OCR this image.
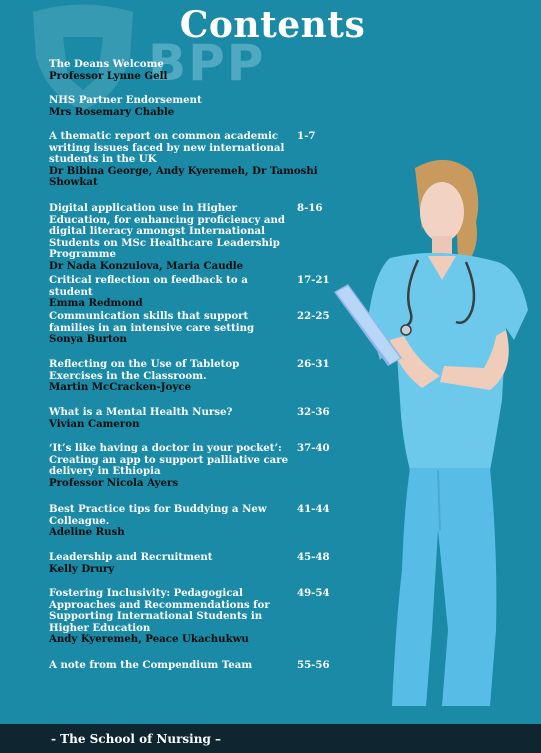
BPP
Contents
The Deans Welcome
Professor Lynne Gell
NHS Partner Endorsement
Mrs Rosemary Chable
A thematic report on common academic writing issues faced by new international students in the UK
Dr Bibina George, Andy Kyeremeh, Dr Tamoshi Showkat
1-7
Digital application use in Higher Education, for enhancing proficiency and digital literacy amongst International Students on MSc Healthcare Leadership Programme
Dr Nada Konzulova, Maria Caudle
8-16
Critical reflection on feedback to a student
Emma Redmond
17-21
Communication skills that support families in an intensive care setting
Sonya Burton
22-25
Reflecting on the Use of Tabletop Exercises in the Classroom.
Martin McCracken-Joyce
26-31
What is a Mental Health Nurse?
Vivian Cameron
32-36
‘It’s like having a doctor in your pocket’: Creating an app to support palliative care delivery in Ethiopia
Professor Nicola Ayers
37-40
Best Practice tips for Buddying a New Colleague.
Adeline Rush
41-44
Leadership and Recruitment
Kelly Drury
45-48
Fostering Inclusivity: Pedagogical Approaches and Recommendations for Supporting International Students in Higher Education
Andy Kyeremeh, Peace Ukachukwu
49-54
A note from the Compendium Team	55-56
- The School of Nursing –
